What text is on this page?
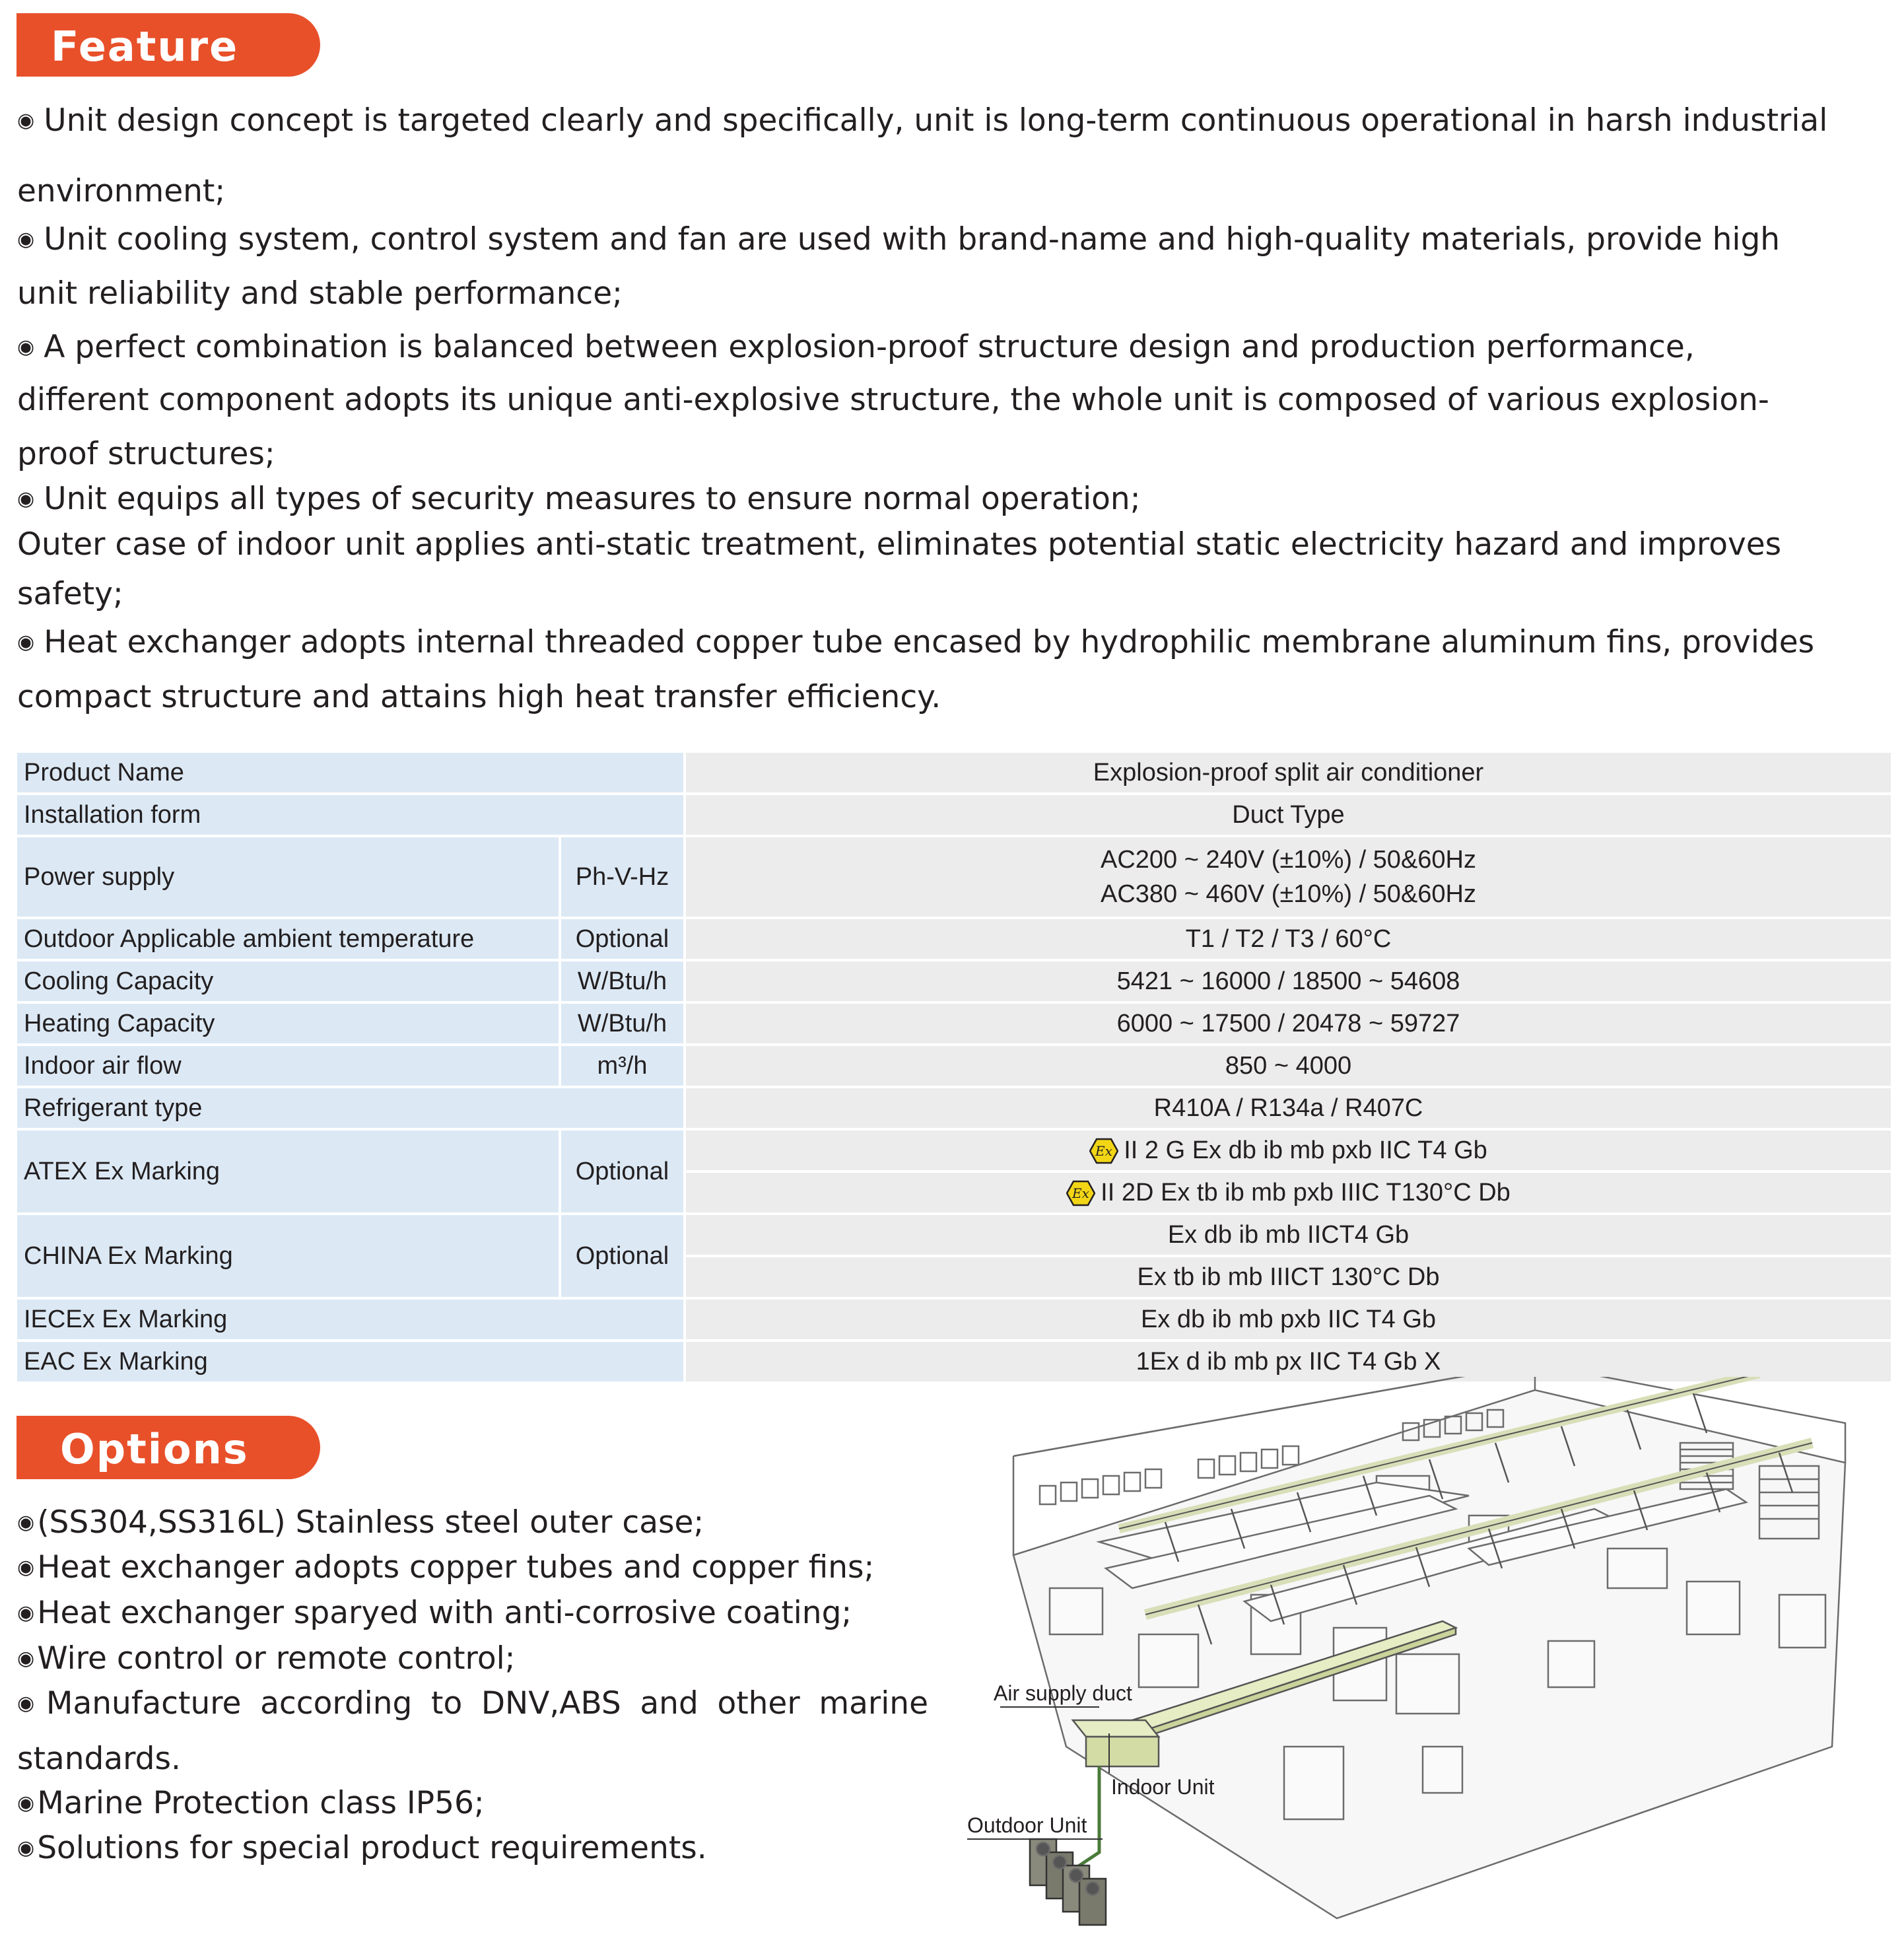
Feature
◉ Unit design concept is targeted clearly and specifically, unit is long-term continuous operational in harsh industrial
environment;
◉ Unit cooling system, control system and fan are used with brand-name and high-quality materials, provide high
unit reliability and stable performance;
◉ A perfect combination is balanced between explosion-proof structure design and production performance,
different component adopts its unique anti-explosive structure, the whole unit is composed of various explosion-
proof structures;
◉ Unit equips all types of security measures to ensure normal operation;
Outer case of indoor unit applies anti-static treatment, eliminates potential static electricity hazard and improves
safety;
◉ Heat exchanger adopts internal threaded copper tube encased by hydrophilic membrane aluminum fins, provides
compact structure and attains high heat transfer efficiency.
Product Name		Explosion-proof split air conditioner

Installation form		Duct Type

Power supply	Ph-V-Hz	AC200 ~ 240V (±10%) / 50&60Hz
AC380 ~ 460V (±10%) / 50&60Hz

Outdoor Applicable ambient temperature	Optional	T1 / T2 / T3 / 60°C

Cooling Capacity	W/Btu/h	5421 ~ 16000 / 18500 ~ 54608

Heating Capacity	W/Btu/h	6000 ~ 17500 / 20478 ~ 59727

Indoor air flow	m³/h	850 ~ 4000

Refrigerant type		R410A / R134a / R407C

ATEX Ex Marking	Optional	Ex II 2 G Ex db ib mb pxb IIC T4 Gb

Ex II 2D Ex tb ib mb pxb IIIC T130°C Db
CHINA Ex Marking	Optional	Ex db ib mb IICT4 Gb
		Ex tb ib mb IIICT 130°C Db
IECEx Ex Marking		Ex db ib mb pxb IIC T4 Gb

EAC Ex Marking		1Ex d ib mb px IIC T4 Gb X
Options
◉(SS304,SS316L) Stainless steel outer case;
◉Heat exchanger adopts copper tubes and copper fins;
◉Heat exchanger sparyed with anti-corrosive coating;
◉Wire control or remote control;
◉Manufacture according to DNV,ABS and other marine
standards.
◉Marine Protection class IP56;
◉Solutions for special product requirements.
Air supply duct
Indoor Unit
Outdoor Unit
